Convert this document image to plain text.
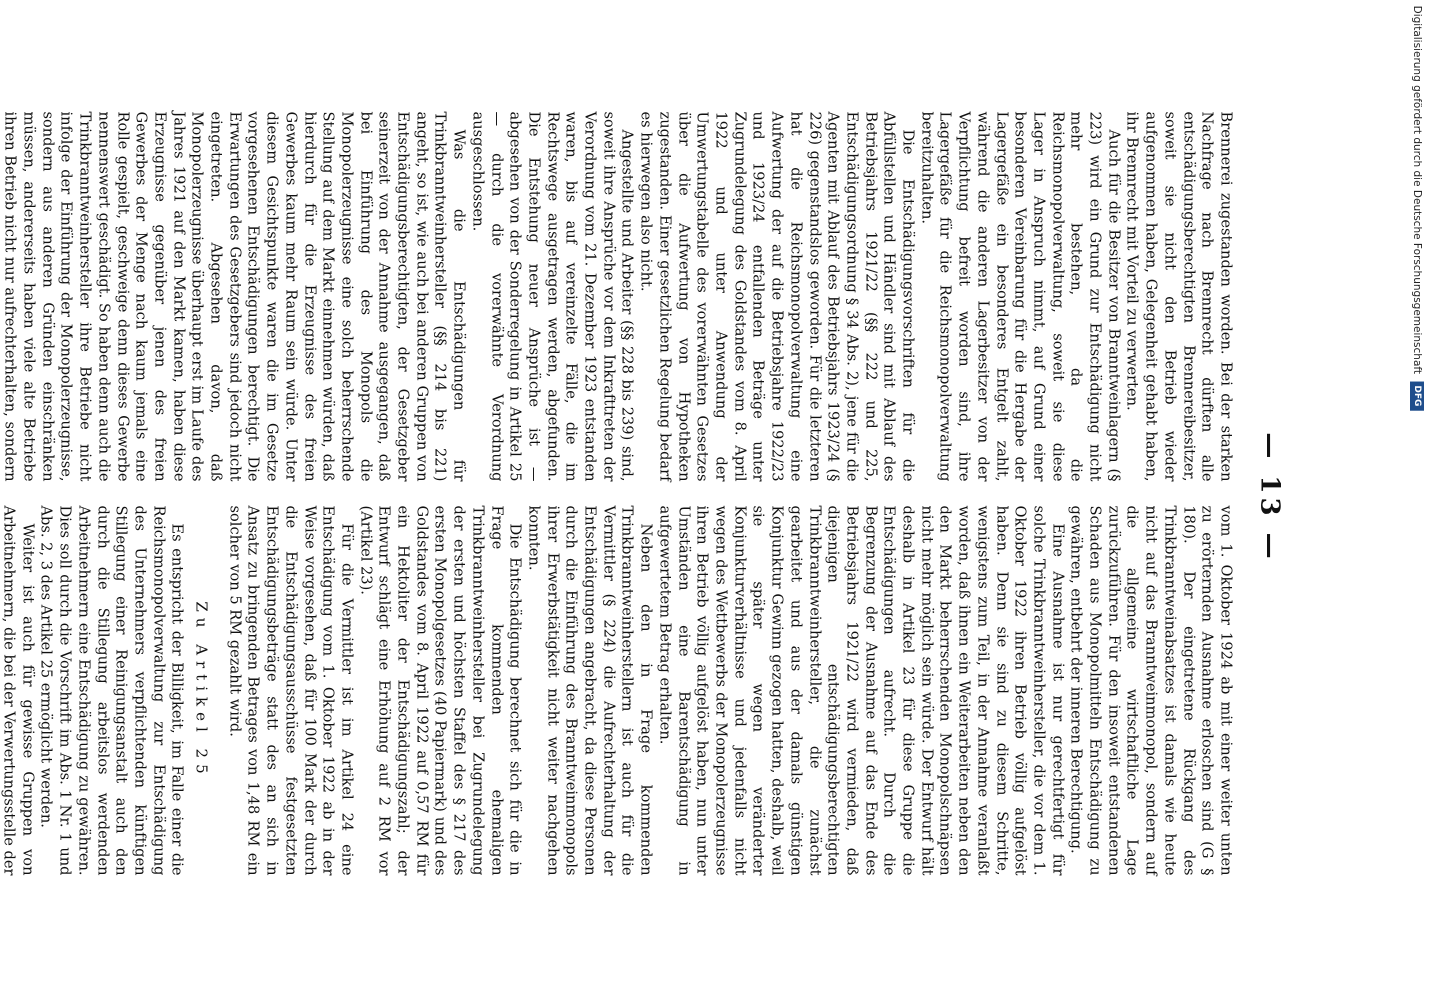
— 13 —

Brennerei zugestanden worden. Bei der starken Nachfrage nach Brennrecht dürften alle entschädigungsberechtigten Brennereibesitzer, soweit sie nicht den Betrieb wieder aufgenommen haben, Gelegenheit gehabt haben, ihr Brennrecht mit Vorteil zu verwerten.

Auch für die Besitzer von Branntweinlagern (§ 223) wird ein Grund zur Entschädigung nicht mehr bestehen, da die Reichsmonopolverwaltung, soweit sie diese Lager in Anspruch nimmt, auf Grund einer besonderen Vereinbarung für die Hergabe der Lagergefäße ein besonderes Entgelt zahlt, während die anderen Lagerbesitzer von der Verpflichtung befreit worden sind, ihre Lagergefäße für die Reichsmonopolverwaltung bereitzuhalten.

Die Entschädigungsvorschriften für die Abfüllstellen und Händler sind mit Ablauf des Betriebsjahrs 1921/22 (§§ 222 und 225, Entschädigungsordnung § 34 Abs. 2), jene für die Agenten mit Ablauf des Betriebsjahrs 1923/24 (§ 226) gegenstandslos geworden. Für die letzteren hat die Reichsmonopolverwaltung eine Aufwertung der auf die Betriebsjahre 1922/23 und 1923/24 entfallenden Beträge unter Zugrundelegung des Goldstandes vom 8. April 1922 und unter Anwendung der Umwertungstabelle des vorerwähnten Gesetzes über die Aufwertung von Hypotheken zugestanden. Einer gesetzlichen Regelung bedarf es hierwegen also nicht.

Angestellte und Arbeiter (§§ 228 bis 239) sind, soweit ihre Ansprüche vor dem Inkrafttreten der Verordnung vom 21. Dezember 1923 entstanden waren, bis auf vereinzelte Fälle, die im Rechtswege ausgetragen werden, abgefunden. Die Entstehung neuer Ansprüche ist — abgesehen von der Sonderregelung in Artikel 25 — durch die vorerwähnte Verordnung ausgeschlossen.

Was die Entschädigungen für Trinkbranntweinhersteller (§§ 214 bis 221) angeht, so ist, wie auch bei anderen Gruppen von Entschädigungsberechtigten, der Gesetzgeber seinerzeit von der Annahme ausgegangen, daß bei Einführung des Monopols die Monopolerzeugnisse eine solch beherrschende Stellung auf dem Markt einnehmen würden, daß hierdurch für die Erzeugnisse des freien Gewerbes kaum mehr Raum sein würde. Unter diesem Gesichtspunkte waren die im Gesetze vorgesehenen Entschädigungen berechtigt. Die Erwartungen des Gesetzgebers sind jedoch nicht eingetreten. Abgesehen davon, daß Monopolerzeugnisse überhaupt erst im Laufe des Jahres 1921 auf den Markt kamen, haben diese Erzeugnisse gegenüber jenen des freien Gewerbes der Menge nach kaum jemals eine Rolle gespielt, geschweige denn dieses Gewerbe nennenswert geschädigt. So haben denn auch die Trinkbranntweinhersteller ihre Betriebe nicht infolge der Einführung der Monopolerzeugnisse, sondern aus anderen Gründen einschränken müssen, andererseits haben viele alte Betriebe ihren Betrieb nicht nur aufrechterhalten, sondern

vom 1. Oktober 1924 ab mit einer weiter unten zu erörternden Ausnahme erloschen sind (G § 180). Der eingetretene Rückgang des Trinkbranntweinabsatzes ist damals wie heute nicht auf das Branntweinmonopol, sondern auf die allgemeine wirtschaftliche Lage zurückzuführen. Für den insoweit entstandenen Schaden aus Monopolmitteln Entschädigung zu gewähren, entbehrt der inneren Berechtigung.

Eine Ausnahme ist nur gerechtfertigt für solche Trinkbranntweinhersteller, die vor dem 1. Oktober 1922 ihren Betrieb völlig aufgelöst haben. Denn sie sind zu diesem Schritte, wenigstens zum Teil, in der Annahme veranlaßt worden, daß ihnen ein Weiterarbeiten neben den den Markt beherrschenden Monopolschnäpsen nicht mehr möglich sein würde. Der Entwurf hält deshalb in Artikel 23 für diese Gruppe die Entschädigungen aufrecht. Durch die Begrenzung der Ausnahme auf das Ende des Betriebsjahrs 1921/22 wird vermieden, daß diejenigen entschädigungsberechtigten Trinkbranntweinhersteller, die zunächst gearbeitet und aus der damals günstigen Konjunktur Gewinn gezogen hatten, deshalb, weil sie später wegen veränderter Konjunkturverhältnisse und jedenfalls nicht wegen des Wettbewerbs der Monopolerzeugnisse ihren Betrieb völlig aufgelöst haben, nun unter Umständen eine Barentschädigung in aufgewertetem Betrag erhalten.

Neben den in Frage kommenden Trinkbranntweinherstellern ist auch für die Vermittler (§ 224) die Aufrechterhaltung der Entschädigungen angebracht, da diese Personen durch die Einführung des Branntweinmonopols ihrer Erwerbstätigkeit nicht weiter nachgehen konnten.

Die Entschädigung berechnet sich für die in Frage kommenden ehemaligen Trinkbranntweinhersteller bei Zugrundelegung der ersten und höchsten Staffel des § 217 des ersten Monopolgesetzes (40 Papiermark) und des Goldstandes vom 8. April 1922 auf 0,57 RM für ein Hektoliter der Entschädigungszahl; der Entwurf schlägt eine Erhöhung auf 2 RM vor (Artikel 23).

Für die Vermittler ist im Artikel 24 eine Entschädigung vom 1. Oktober 1922 ab in der Weise vorgesehen, daß für 100 Mark der durch die Entschädigungsausschüsse festgesetzten Entschädigungsbeträge statt des an sich in Ansatz zu bringenden Betrages von 1,48 RM ein solcher von 5 RM gezahlt wird.

Zu Artikel 25

Es entspricht der Billigkeit, im Falle einer die Reichsmonopolverwaltung zur Entschädigung des Unternehmers verpflichtenden künftigen Stillegung einer Reinigungsanstalt auch den durch die Stillegung arbeitslos werdenden Arbeitnehmern eine Entschädigung zu gewähren. Dies soll durch die Vorschrift im Abs. 1 Nr. 1 und Abs. 2, 3 des Artikel 25 ermöglicht werden.

Weiter ist auch für gewisse Gruppen von Arbeitnehmern, die bei der Verwertungsstelle der

Digitalisierung gefördert durch die Deutsche Forschungsgemeinschaft DFG
